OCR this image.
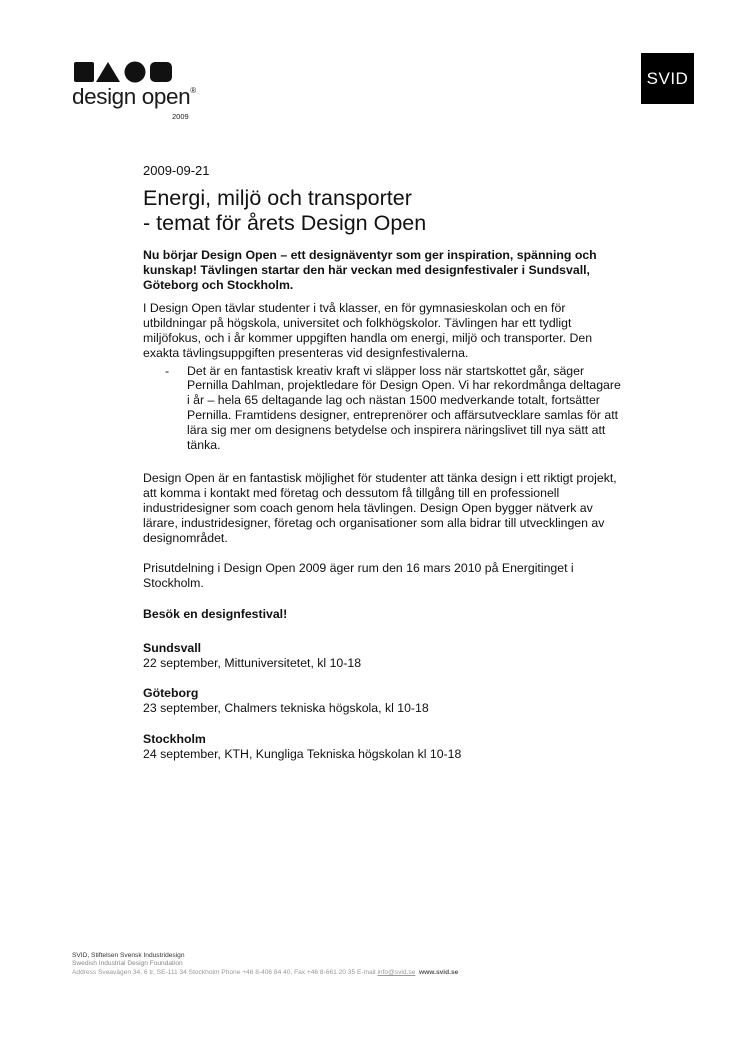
design open®
2009
SVID
2009-09-21
Energi, miljö och transporter
- temat för årets Design Open

Nu börjar Design Open – ett designäventyr som ger inspiration, spänning och kunskap! Tävlingen startar den här veckan med designfestivaler i Sundsvall, Göteborg och Stockholm.

I Design Open tävlar studenter i två klasser, en för gymnasieskolan och en för utbildningar på högskola, universitet och folkhögskolor. Tävlingen har ett tydligt miljöfokus, och i år kommer uppgiften handla om energi, miljö och transporter. Den exakta tävlingsuppgiften presenteras vid designfestivalerna.

-	Det är en fantastisk kreativ kraft vi släpper loss när startskottet går, säger Pernilla Dahlman, projektledare för Design Open. Vi har rekordmånga deltagare i år – hela 65 deltagande lag och nästan 1500 medverkande totalt, fortsätter Pernilla. Framtidens designer, entreprenörer och affärsutvecklare samlas för att lära sig mer om designens betydelse och inspirera näringslivet till nya sätt att tänka.

Design Open är en fantastisk möjlighet för studenter att tänka design i ett riktigt projekt, att komma i kontakt med företag och dessutom få tillgång till en professionell industridesigner som coach genom hela tävlingen. Design Open bygger nätverk av lärare, industridesigner, företag och organisationer som alla bidrar till utvecklingen av designområdet.

Prisutdelning i Design Open 2009 äger rum den 16 mars 2010 på Energitinget i Stockholm.

Besök en designfestival!

Sundsvall

22 september, Mittuniversitetet, kl 10-18

Göteborg

23 september, Chalmers tekniska högskola, kl 10-18

Stockholm

24 september, KTH, Kungliga Tekniska högskolan kl 10-18

SVID, Stiftelsen Svensk Industridesign
Swedish Industrial Design Foundation
Address Sveavägen 34, 6 tr, SE-111 34 Stockholm Phone +46 8-406 84 40, Fax +46 8-661 20 35 E-mail info@svid.se www.svid.se
